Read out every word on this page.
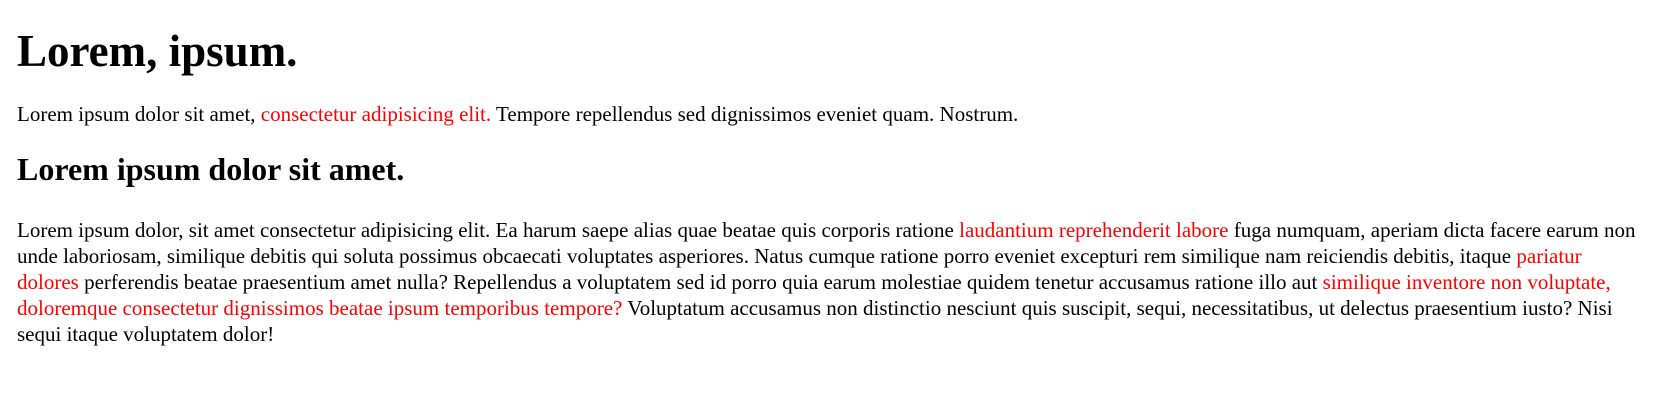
Lorem, ipsum.

Lorem ipsum dolor sit amet, consectetur adipisicing elit. Tempore repellendus sed dignissimos eveniet quam. Nostrum.

Lorem ipsum dolor sit amet.

Lorem ipsum dolor, sit amet consectetur adipisicing elit. Ea harum saepe alias quae beatae quis corporis ratione laudantium reprehenderit labore fuga numquam, aperiam dicta facere earum non unde laboriosam, similique debitis qui soluta possimus obcaecati voluptates asperiores. Natus cumque ratione porro eveniet excepturi rem similique nam reiciendis debitis, itaque pariatur dolores perferendis beatae praesentium amet nulla? Repellendus a voluptatem sed id porro quia earum molestiae quidem tenetur accusamus ratione illo aut similique inventore non voluptate, doloremque consectetur dignissimos beatae ipsum temporibus tempore? Voluptatum accusamus non distinctio nesciunt quis suscipit, sequi, necessitatibus, ut delectus praesentium iusto? Nisi sequi itaque voluptatem dolor!
